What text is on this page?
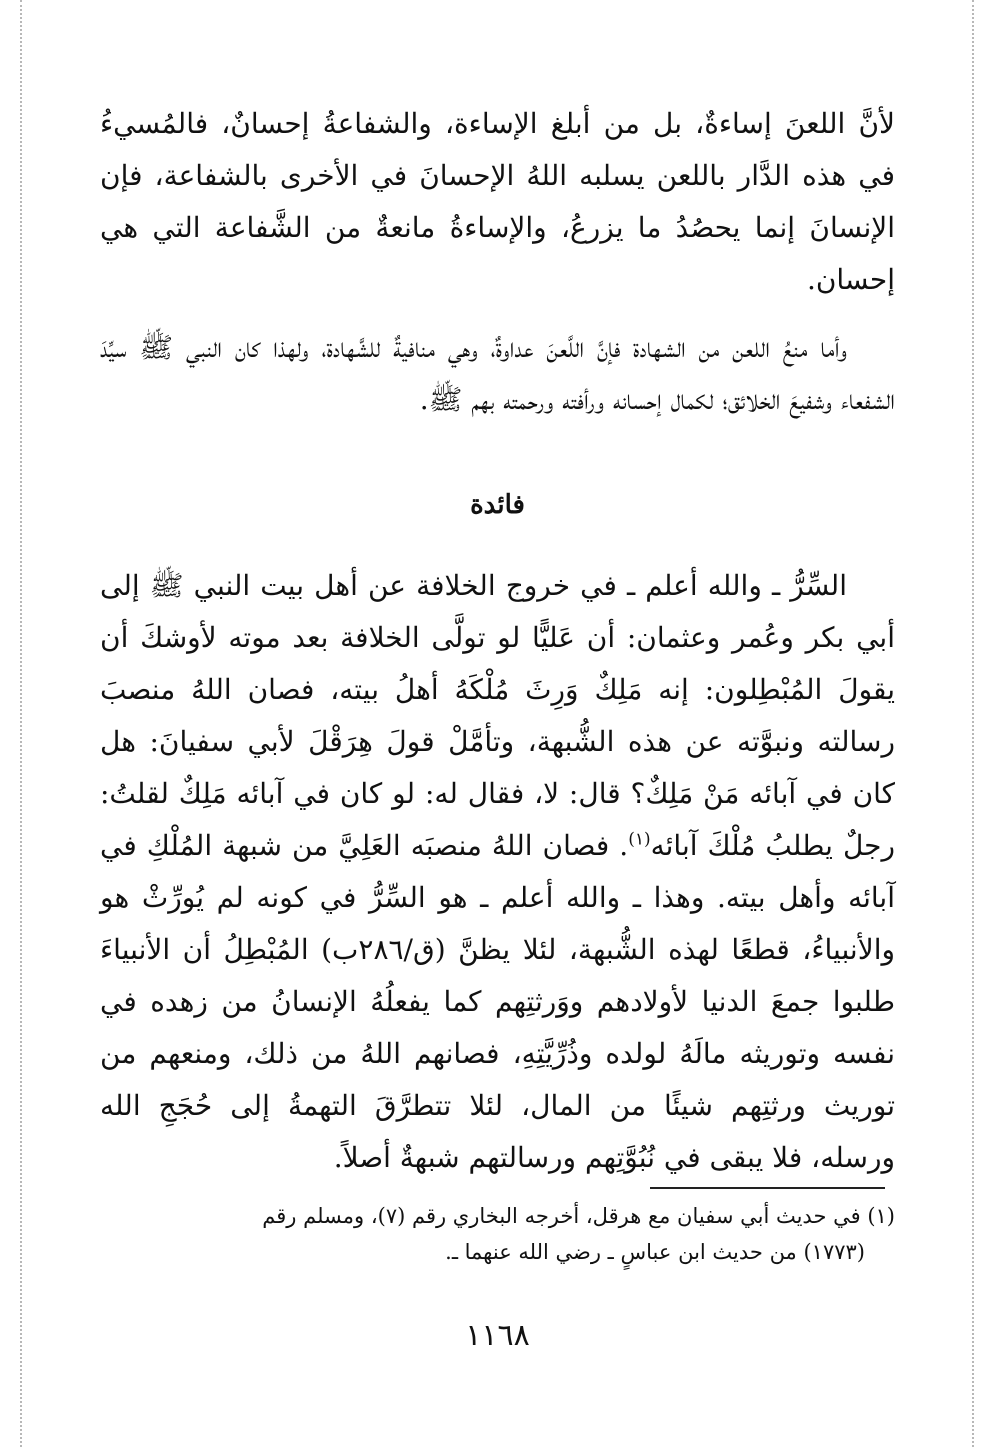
لأنَّ اللعنَ إساءةٌ، بل من أبلغ الإساءة، والشفاعةُ إحسانٌ، فالمُسيءُ في هذه الدَّار باللعن يسلبه اللهُ الإحسانَ في الأخرى بالشفاعة، فإن الإنسانَ إنما يحصُدُ ما يزرعُ، والإساءةُ مانعةٌ من الشَّفاعة التي هي إحسان.

وأما منعُ اللعن من الشهادة فإنَّ اللَّعنَ عداوةٌ، وهي منافيةٌ للشَّهادة، ولهذا كان النبي ﷺ سيِّدَ الشفعاء وشفيعَ الخلائق؛ لكمال إحسانه ورأفته ورحمته بهم ﷺ.

فائدة

السِّرُّ ـ والله أعلم ـ في خروج الخلافة عن أهل بيت النبي ﷺ إلى أبي بكر وعُمر وعثمان: أن عَليًّا لو تولَّى الخلافة بعد موته لأوشكَ أن يقولَ المُبْطِلون: إنه مَلِكٌ وَرِثَ مُلْكَهُ أهلُ بيته، فصان اللهُ منصبَ رسالته ونبوَّته عن هذه الشُّبهة، وتأمَّلْ قولَ هِرَقْلَ لأبي سفيانَ: هل كان في آبائه مَنْ مَلِكٌ؟ قال: لا، فقال له: لو كان في آبائه مَلِكٌ لقلتُ: رجلٌ يطلبُ مُلْكَ آبائه$^{(١)}$. فصان اللهُ منصبَه العَلِيَّ من شبهة المُلْكِ في آبائه وأهل بيته. وهذا ـ والله أعلم ـ هو السِّرُّ في كونه لم يُورِّثْ هو والأنبياءُ، قطعًا لهذه الشُّبهة، لئلا يظنَّ (ق/٢٨٦ب) المُبْطِلُ أن الأنبياءَ طلبوا جمعَ الدنيا لأولادهم ووَرثتِهم كما يفعلُهُ الإنسانُ من زهده في نفسه وتوريثه مالَهُ لولده وذُرِّيَّتِهِ، فصانهم اللهُ من ذلك، ومنعهم من توريث ورثتِهم شيئًا من المال، لئلا تتطرَّقَ التهمةُ إلى حُجَجِ الله ورسله، فلا يبقى في نُبُوَّتِهم ورسالتهم شبهةٌ أصلاً.

(١) في حديث أبي سفيان مع هرقل، أخرجه البخاري رقم (٧)، ومسلم رقم
(١٧٧٣) من حديث ابن عباسٍ ـ رضي الله عنهما ـ.
١١٦٨
